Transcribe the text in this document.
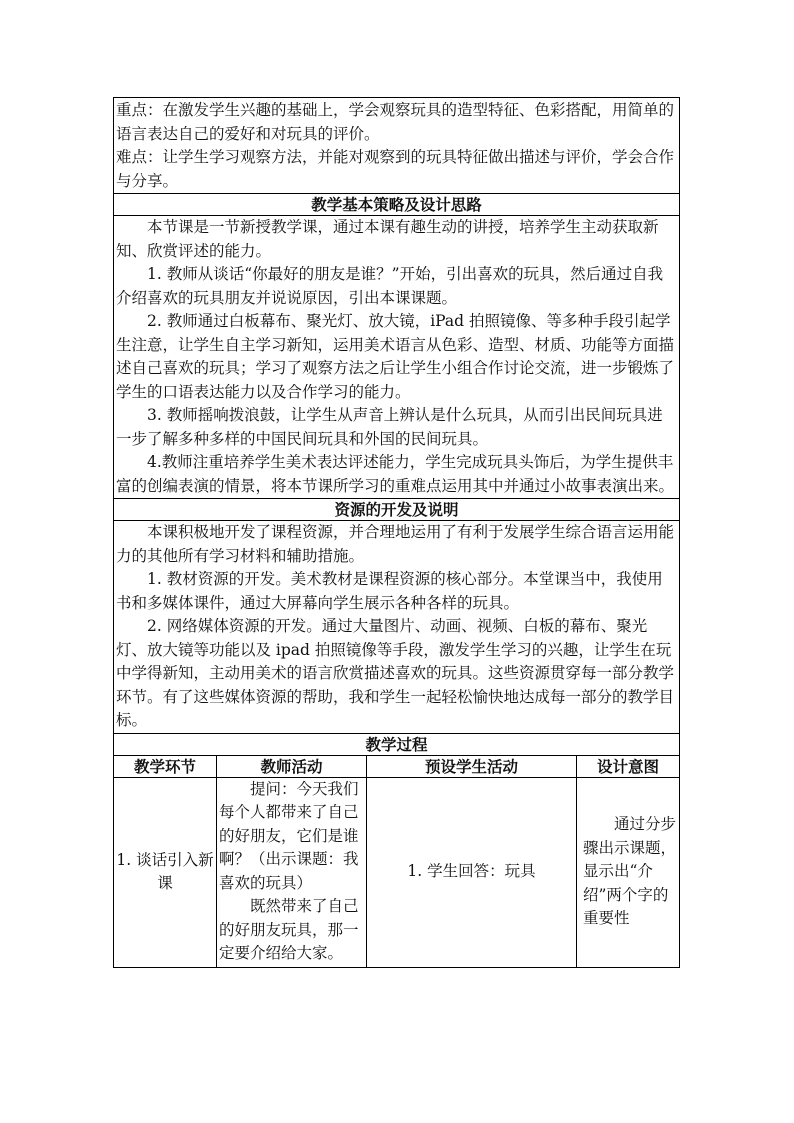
重点：在激发学生兴趣的基础上，学会观察玩具的造型特征、色彩搭配，用简单的语言表达自己的爱好和对玩具的评价。

难点：让学生学习观察方法，并能对观察到的玩具特征做出描述与评价，学会合作与分享。			

教学基本策略及设计思路			

本节课是一节新授教学课，通过本课有趣生动的讲授，培养学生主动获取新知、欣赏评述的能力。

1. 教师从谈话“你最好的朋友是谁？”开始，引出喜欢的玩具，然后通过自我介绍喜欢的玩具朋友并说说原因，引出本课课题。

2. 教师通过白板幕布、聚光灯、放大镜，iPad 拍照镜像、等多种手段引起学生注意，让学生自主学习新知，运用美术语言从色彩、造型、材质、功能等方面描述自己喜欢的玩具；学习了观察方法之后让学生小组合作讨论交流，进一步锻炼了学生的口语表达能力以及合作学习的能力。

3. 教师摇响拨浪鼓，让学生从声音上辨认是什么玩具，从而引出民间玩具进一步了解多种多样的中国民间玩具和外国的民间玩具。

4.教师注重培养学生美术表达评述能力，学生完成玩具头饰后，为学生提供丰富的创编表演的情景，将本节课所学习的重难点运用其中并通过小故事表演出来。			

资源的开发及说明			

本课积极地开发了课程资源，并合理地运用了有利于发展学生综合语言运用能力的其他所有学习材料和辅助措施。

1. 教材资源的开发。美术教材是课程资源的核心部分。本堂课当中，我使用书和多媒体课件，通过大屏幕向学生展示各种各样的玩具。

2. 网络媒体资源的开发。通过大量图片、动画、视频、白板的幕布、聚光灯、放大镜等功能以及 ipad 拍照镜像等手段，激发学生学习的兴趣，让学生在玩中学得新知，主动用美术的语言欣赏描述喜欢的玩具。这些资源贯穿每一部分教学环节。有了这些媒体资源的帮助，我和学生一起轻松愉快地达成每一部分的教学目标。			

教学过程			
教学环节	教师活动	预设学生活动	设计意图
1. 谈话引入新课	提问：今天我们每个人都带来了自己的好朋友，它们是谁啊？（出示课题：我喜欢的玩具）

既然带来了自己的好朋友玩具，那一定要介绍给大家。	1. 学生回答：玩具	通过分步骤出示课题，显示出“介绍”两个字的重要性
